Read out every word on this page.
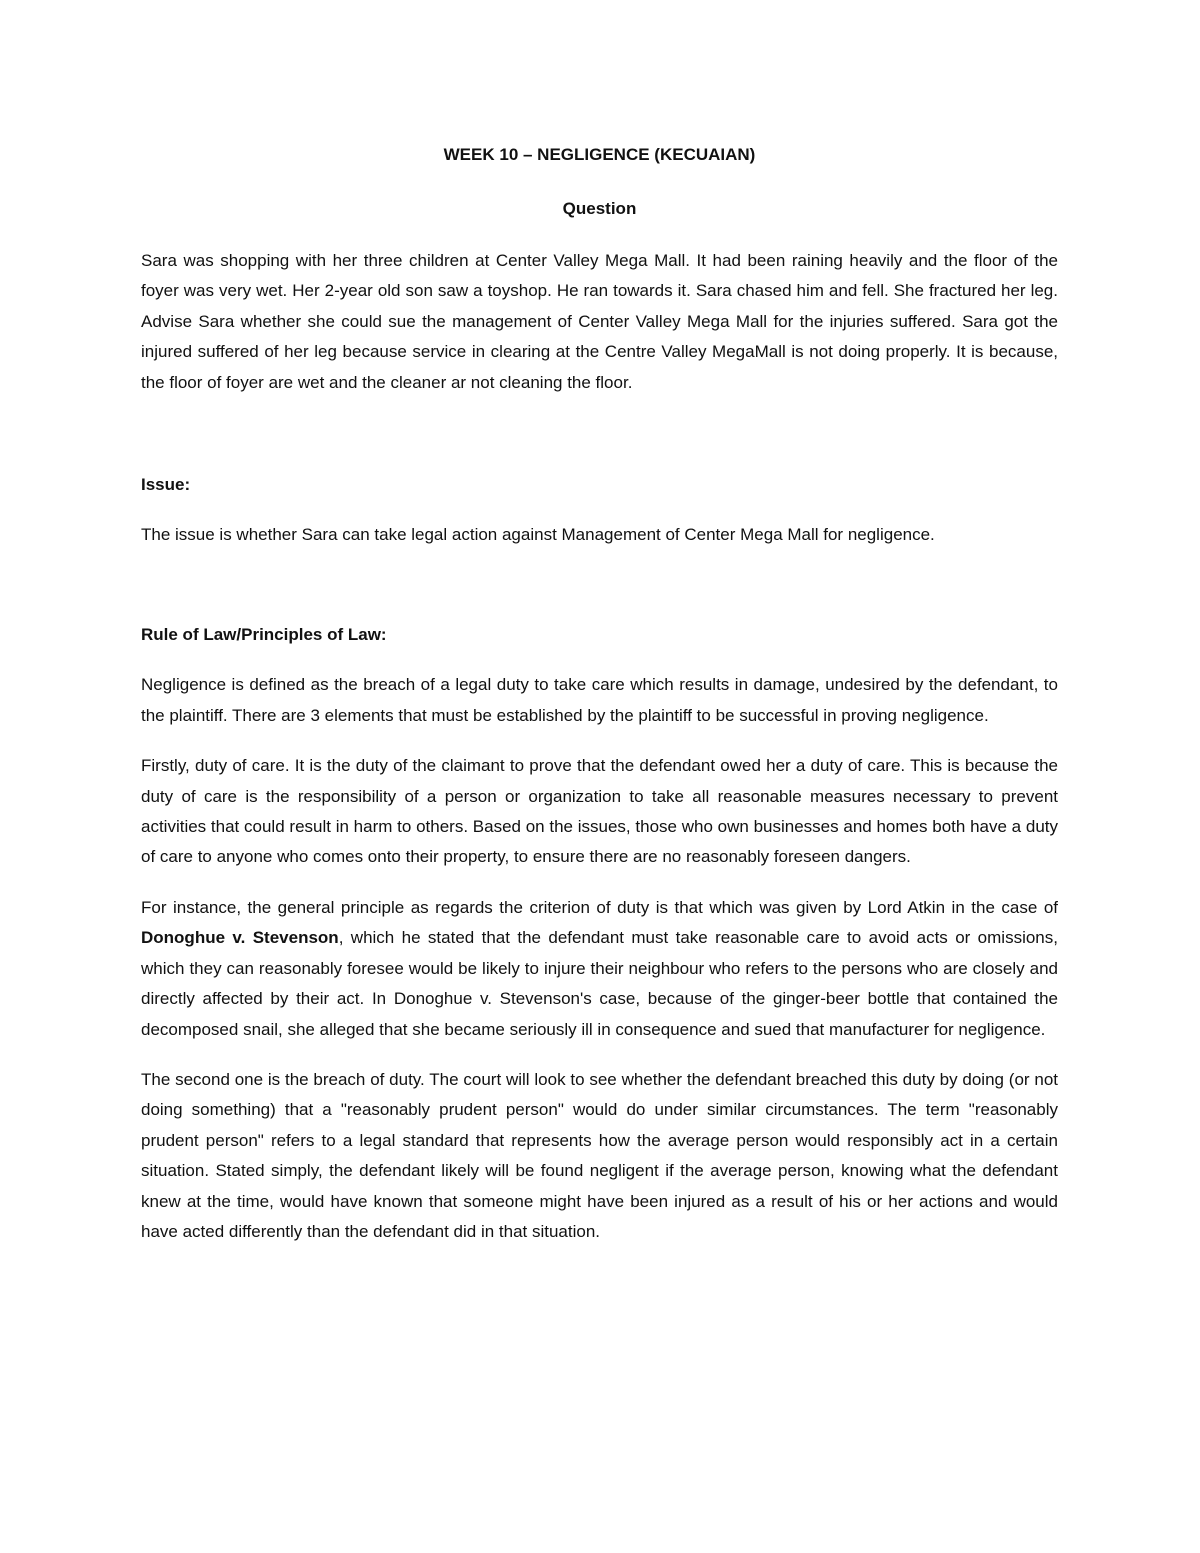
WEEK 10 – NEGLIGENCE (KECUAIAN)
Question

Sara was shopping with her three children at Center Valley Mega Mall. It had been raining heavily and the floor of the foyer was very wet. Her 2-year old son saw a toyshop. He ran towards it. Sara chased him and fell. She fractured her leg. Advise Sara whether she could sue the management of Center Valley Mega Mall for the injuries suffered. Sara got the injured suffered of her leg because service in clearing at the Centre Valley MegaMall is not doing properly. It is because, the floor of foyer are wet and the cleaner ar not cleaning the floor.

Issue:

The issue is whether Sara can take legal action against Management of Center Mega Mall for negligence.

Rule of Law/Principles of Law:

Negligence is defined as the breach of a legal duty to take care which results in damage, undesired by the defendant, to the plaintiff. There are 3 elements that must be established by the plaintiff to be successful in proving negligence.

Firstly, duty of care. It is the duty of the claimant to prove that the defendant owed her a duty of care. This is because the duty of care is the responsibility of a person or organization to take all reasonable measures necessary to prevent activities that could result in harm to others. Based on the issues, those who own businesses and homes both have a duty of care to anyone who comes onto their property, to ensure there are no reasonably foreseen dangers.

For instance, the general principle as regards the criterion of duty is that which was given by Lord Atkin in the case of Donoghue v. Stevenson, which he stated that the defendant must take reasonable care to avoid acts or omissions, which they can reasonably foresee would be likely to injure their neighbour who refers to the persons who are closely and directly affected by their act. In Donoghue v. Stevenson's case, because of the ginger-beer bottle that contained the decomposed snail, she alleged that she became seriously ill in consequence and sued that manufacturer for negligence.

The second one is the breach of duty. The court will look to see whether the defendant breached this duty by doing (or not doing something) that a "reasonably prudent person" would do under similar circumstances. The term "reasonably prudent person" refers to a legal standard that represents how the average person would responsibly act in a certain situation. Stated simply, the defendant likely will be found negligent if the average person, knowing what the defendant knew at the time, would have known that someone might have been injured as a result of his or her actions and would have acted differently than the defendant did in that situation.
